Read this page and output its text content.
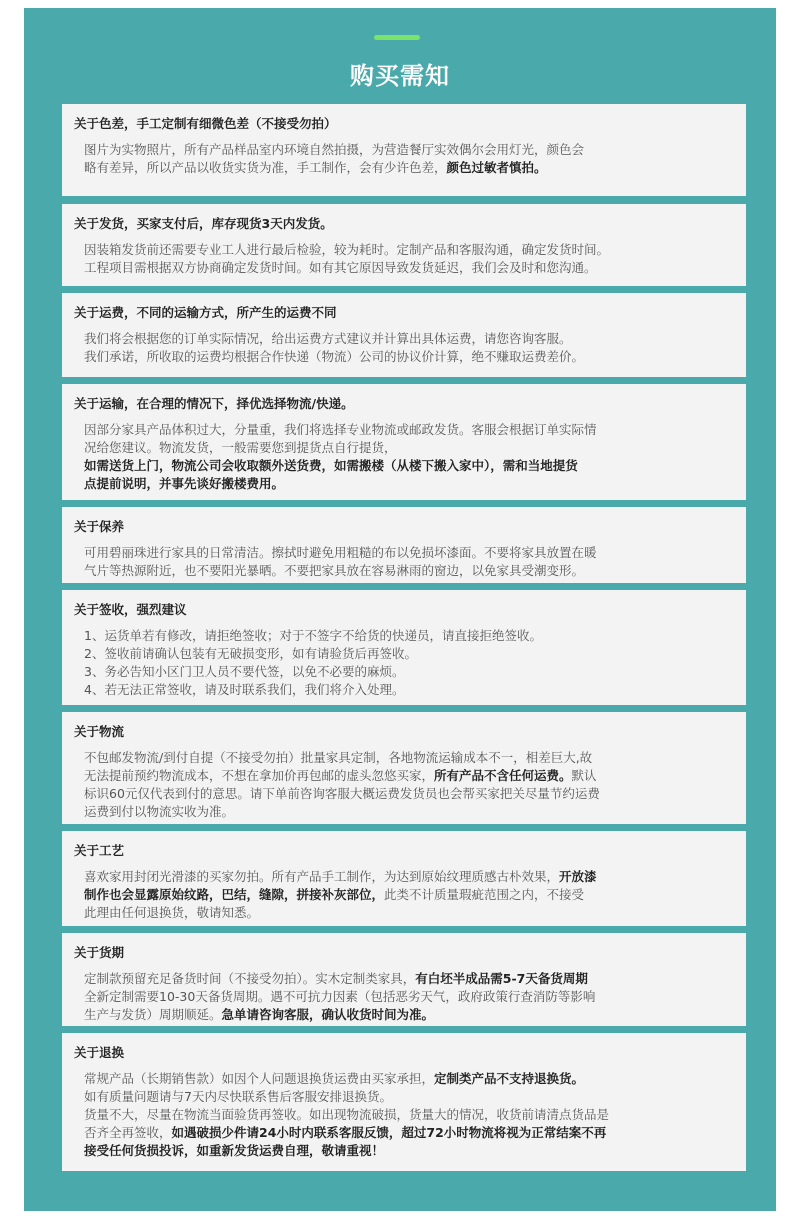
购买需知
关于色差，手工定制有细微色差（不接受勿拍）
图片为实物照片，所有产品样品室内环境自然拍摄，为营造餐厅实效偶尔会用灯光，颜色会
略有差异，所以产品以收货实货为准，手工制作，会有少许色差，颜色过敏者慎拍。
关于发货，买家支付后，库存现货3天内发货。
因装箱发货前还需要专业工人进行最后检验，较为耗时。定制产品和客服沟通，确定发货时间。
工程项目需根据双方协商确定发货时间。如有其它原因导致发货延迟，我们会及时和您沟通。
关于运费，不同的运输方式，所产生的运费不同
我们将会根据您的订单实际情况，给出运费方式建议并计算出具体运费，请您咨询客服。
我们承诺，所收取的运费均根据合作快递（物流）公司的协议价计算，绝不赚取运费差价。
关于运输，在合理的情况下，择优选择物流/快递。
因部分家具产品体积过大，分量重，我们将选择专业物流或邮政发货。客服会根据订单实际情
况给您建议。物流发货，一般需要您到提货点自行提货，
如需送货上门，物流公司会收取额外送货费，如需搬楼（从楼下搬入家中），需和当地提货
点提前说明，并事先谈好搬楼费用。
关于保养
可用碧丽珠进行家具的日常清洁。擦拭时避免用粗糙的布以免损坏漆面。不要将家具放置在暖
气片等热源附近，也不要阳光暴晒。不要把家具放在容易淋雨的窗边，以免家具受潮变形。
关于签收，强烈建议
1、运货单若有修改，请拒绝签收；对于不签字不给货的快递员，请直接拒绝签收。
2、签收前请确认包装有无破损变形，如有请验货后再签收。
3、务必告知小区门卫人员不要代签，以免不必要的麻烦。
4、若无法正常签收，请及时联系我们，我们将介入处理。
关于物流
不包邮发物流/到付自提（不接受勿拍）批量家具定制，各地物流运输成本不一，相差巨大,故
无法提前预约物流成本，不想在拿加价再包邮的虚头忽悠买家，所有产品不含任何运费。默认
标识60元仅代表到付的意思。请下单前咨询客服大概运费发货员也会帮买家把关尽量节约运费
运费到付以物流实收为准。
关于工艺
喜欢家用封闭光滑漆的买家勿拍。所有产品手工制作，为达到原始纹理质感古朴效果，开放漆
制作也会显露原始纹路，巴结，缝隙，拼接补灰部位，此类不计质量瑕疵范围之内，不接受
此理由任何退换货，敬请知悉。
关于货期
定制款预留充足备货时间（不接受勿拍）。实木定制类家具，有白坯半成品需5-7天备货周期
全新定制需要10-30天备货周期。遇不可抗力因素（包括恶劣天气，政府政策行查消防等影响
生产与发货）周期顺延。急单请咨询客服，确认收货时间为准。
关于退换
常规产品（长期销售款）如因个人问题退换货运费由买家承担，定制类产品不支持退换货。
如有质量问题请与7天内尽快联系售后客服安排退换货。
货量不大，尽量在物流当面验货再签收。如出现物流破损，货量大的情况，收货前请清点货品是
否齐全再签收，如遇破损少件请24小时内联系客服反馈，超过72小时物流将视为正常结案不再
接受任何货损投诉，如重新发货运费自理，敬请重视！
